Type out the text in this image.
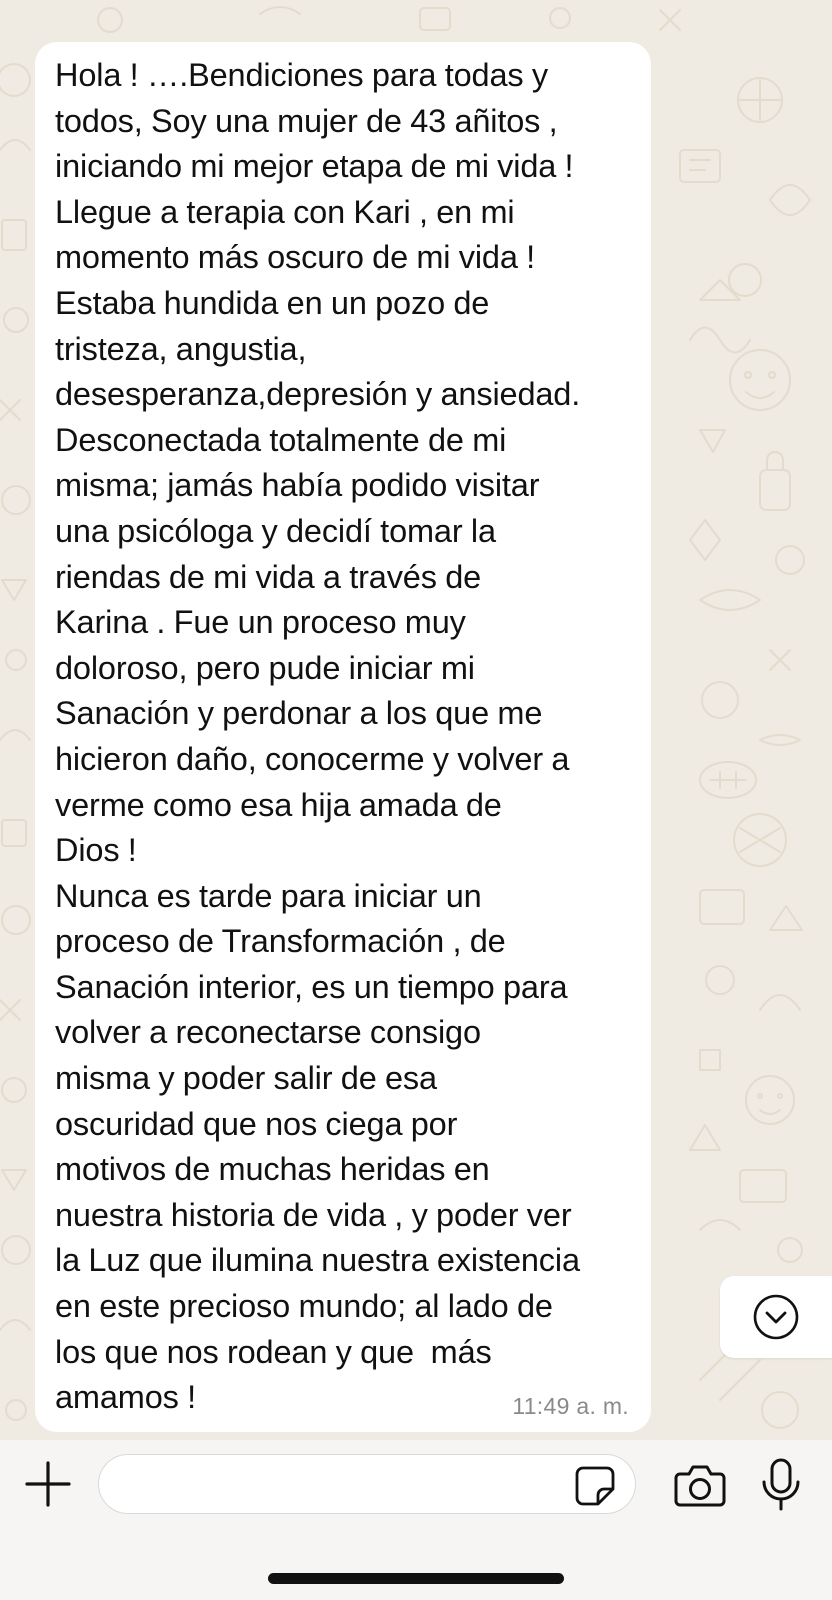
Hola ! ….Bendiciones para todas y
todos, Soy una mujer de 43 añitos ,
iniciando mi mejor etapa de mi vida !
Llegue a terapia con Kari , en mi
momento más oscuro de mi vida !
Estaba hundida en un pozo de
tristeza, angustia,
desesperanza,depresión y ansiedad.
Desconectada totalmente de mi
misma; jamás había podido visitar
una psicóloga y decidí tomar la
riendas de mi vida a través de
Karina . Fue un proceso muy
doloroso, pero pude iniciar mi
Sanación y perdonar a los que me
hicieron daño, conocerme y volver a
verme como esa hija amada de
Dios !
Nunca es tarde para iniciar un
proceso de Transformación , de
Sanación interior, es un tiempo para
volver a reconectarse consigo
misma y poder salir de esa
oscuridad que nos ciega por
motivos de muchas heridas en
nuestra historia de vida , y poder ver
la Luz que ilumina nuestra existencia
en este precioso mundo; al lado de
los que nos rodean y que  más
amamos !	11:49 a. m.
